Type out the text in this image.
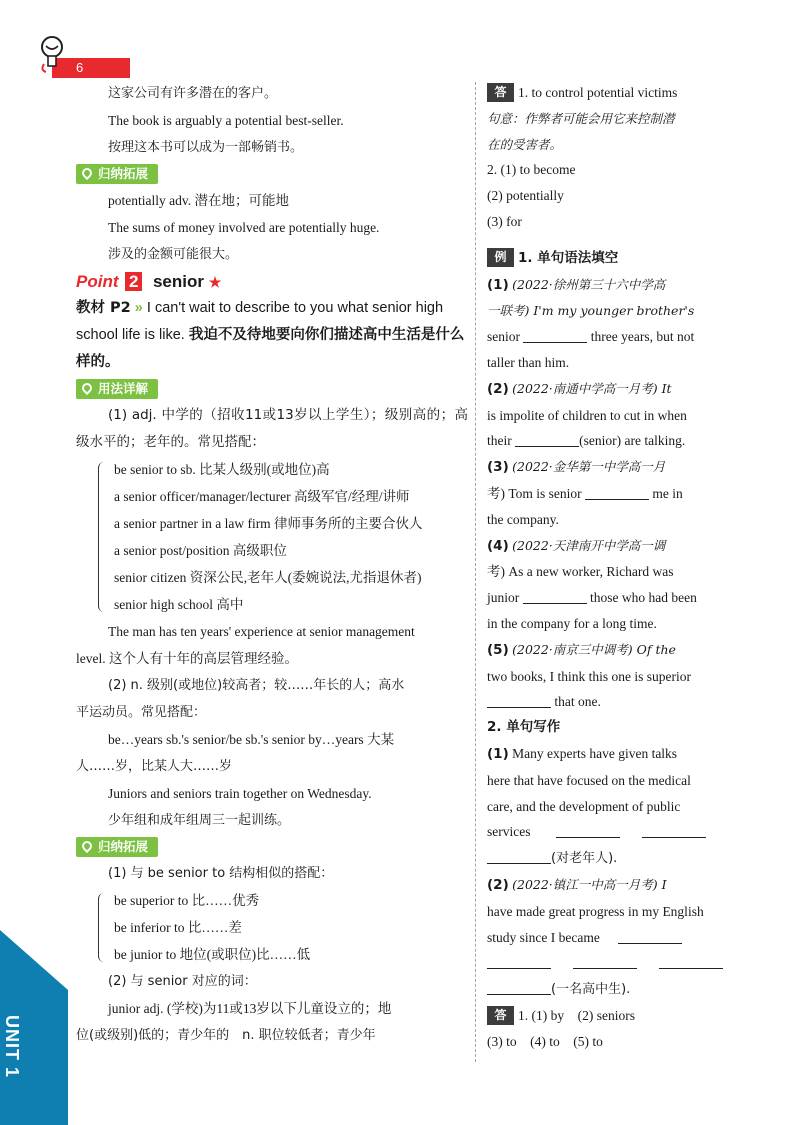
6
UNIT 1
这家公司有许多潜在的客户。
The book is arguably a potential best-seller.
按理这本书可以成为一部畅销书。
归纳拓展
potentially adv. 潜在地；可能地
The sums of money involved are potentially huge.
涉及的金额可能很大。
Point 2 senior ★
教材 P2 » I can't wait to describe to you what senior high school life is like. 我迫不及待地要向你们描述高中生活是什么样的。
用法详解
(1) adj. 中学的（招收11或13岁以上学生）；级别高的；高级水平的；老年的。常见搭配：
be senior to sb. 比某人级别(或地位)高
a senior officer/manager/lecturer 高级军官/经理/讲师
a senior partner in a law firm 律师事务所的主要合伙人
a senior post/position 高级职位
senior citizen 资深公民,老年人(委婉说法,尤指退休者)
senior high school 高中
The man has ten years' experience at senior management
level. 这个人有十年的高层管理经验。
(2) n. 级别(或地位)较高者；较……年长的人；高水
平运动员。常见搭配：
be…years sb.'s senior/be sb.'s senior by…years 大某
人……岁，比某人大……岁
Juniors and seniors train together on Wednesday.
少年组和成年组周三一起训练。
归纳拓展
(1) 与 be senior to 结构相似的搭配：
be superior to 比……优秀
be inferior to 比……差
be junior to 地位(或职位)比……低
(2) 与 senior 对应的词：
junior adj. (学校)为11或13岁以下儿童设立的；地
位(或级别)低的；青少年的　n. 职位较低者；青少年
答 1. to control potential victims
句意：作弊者可能会用它来控制潜
在的受害者。
2. (1) to become
(2) potentially
(3) for
例 1. 单句语法填空
(1) (2022·徐州第三十六中学高
一联考) I'm my younger brother's
senior	three years, but not
taller than him.
(2) (2022·南通中学高一月考) It
is impolite of children to cut in when
their	(senior) are talking.
(3) (2022·金华第一中学高一月
考) Tom is senior	me in
the company.
(4) (2022·天津南开中学高一调
考) As a new worker, Richard was
junior	those who had been
in the company for a long time.
(5) (2022·南京三中调考) Of the
two books, I think this one is superior
that one.
2. 单句写作
(1) Many experts have given talks
here that have focused on the medical
care, and the development of public
services
(对老年人).
(2) (2022·镇江一中高一月考) I
have made great progress in my English
study since I became
(一名高中生).
答 1. (1) by　(2) seniors
(3) to　(4) to　(5) to
